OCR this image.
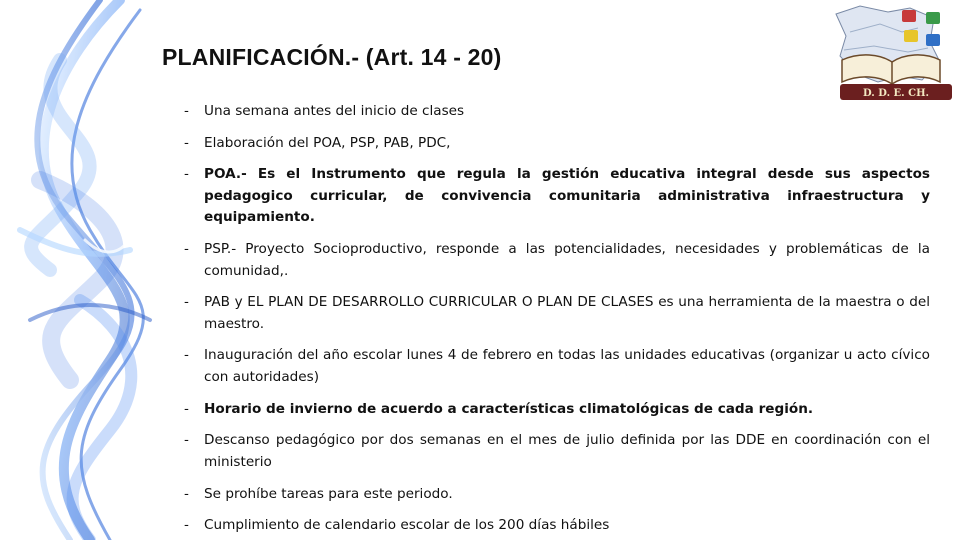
PLANIFICACIÓN.- (Art. 14 - 20)
D. D. E. CH.
-	Una semana antes del inicio de clases
-	Elaboración del POA, PSP, PAB, PDC,
-	POA.- Es el Instrumento que regula la gestión educativa integral desde sus aspectos pedagogico curricular, de convivencia comunitaria administrativa infraestructura y equipamiento.
-	PSP.- Proyecto Socioproductivo, responde a las potencialidades, necesidades y problemáticas de la comunidad,.
-	PAB y EL PLAN DE DESARROLLO CURRICULAR O PLAN DE CLASES es una herramienta de la maestra o del maestro.
-	Inauguración del año escolar lunes 4 de febrero en todas las unidades educativas (organizar u acto cívico con autoridades)
-	Horario de invierno de acuerdo a características climatológicas de cada región.
-	Descanso pedagógico por dos semanas en el mes de julio definida por las DDE en coordinación con el ministerio
-	Se prohíbe tareas para este periodo.
-	Cumplimiento de calendario escolar de los 200 días hábiles
